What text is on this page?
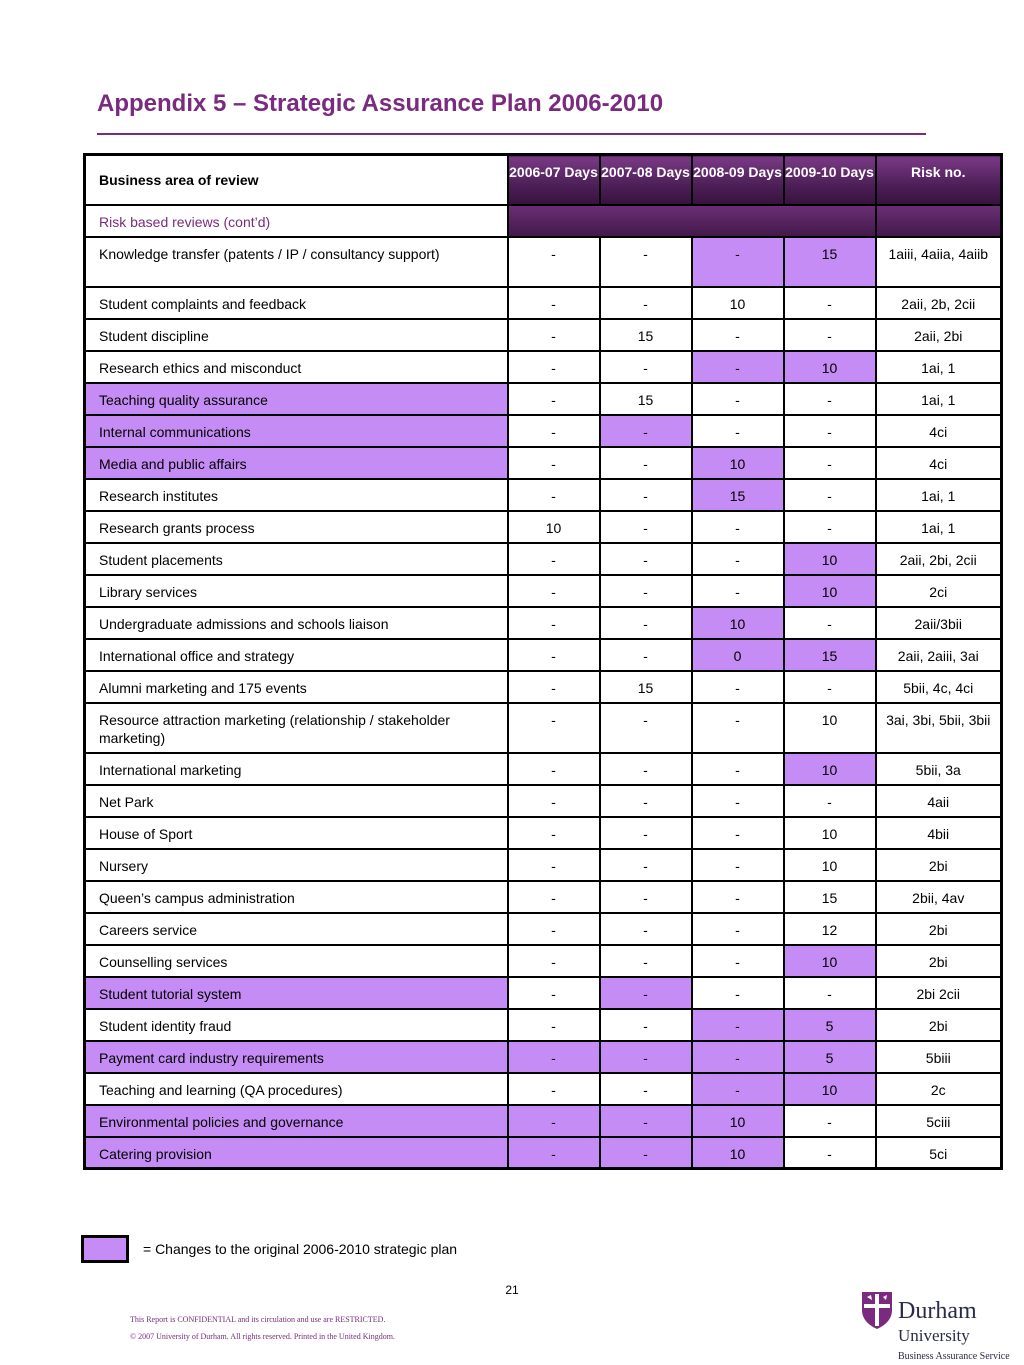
Appendix 5 – Strategic Assurance Plan 2006-2010
Business area of review	2006-07 Days	2007-08 Days	2008-09 Days	2009-10 Days	Risk no.
Risk based reviews (cont’d)					
Knowledge transfer (patents / IP / consultancy support)	-	-	-	15	1aiii, 4aiia, 4aiib
Student complaints and feedback	-	-	10	-	2aii, 2b, 2cii
Student discipline	-	15	-	-	2aii, 2bi
Research ethics and misconduct	-	-	-	10	1ai, 1
Teaching quality assurance	-	15	-	-	1ai, 1
Internal communications	-	-	-	-	4ci
Media and public affairs	-	-	10	-	4ci
Research institutes	-	-	15	-	1ai, 1
Research grants process	10	-	-	-	1ai, 1
Student placements	-	-	-	10	2aii, 2bi, 2cii
Library services	-	-	-	10	2ci
Undergraduate admissions and schools liaison	-	-	10	-	2aii/3bii
International office and strategy	-	-	0	15	2aii, 2aiii, 3ai
Alumni marketing and 175 events	-	15	-	-	5bii, 4c, 4ci
Resource attraction marketing (relationship / stakeholder marketing)	-	-	-	10	3ai, 3bi, 5bii, 3bii
International marketing	-	-	-	10	5bii, 3a
Net Park	-	-	-	-	4aii
House of Sport	-	-	-	10	4bii
Nursery	-	-	-	10	2bi
Queen’s campus administration	-	-	-	15	2bii, 4av
Careers service	-	-	-	12	2bi
Counselling services	-	-	-	10	2bi
Student tutorial system	-	-	-	-	2bi 2cii
Student identity fraud	-	-	-	5	2bi
Payment card industry requirements	-	-	-	5	5biii
Teaching and learning (QA procedures)	-	-	-	10	2c
Environmental policies and governance	-	-	10	-	5ciii
Catering provision	-	-	10	-	5ci
= Changes to the original 2006-2010 strategic plan
21
This Report is CONFIDENTIAL and its circulation and use are RESTRICTED.
© 2007 University of Durham. All rights reserved. Printed in the United Kingdom.
Durham
University
Business Assurance Service
